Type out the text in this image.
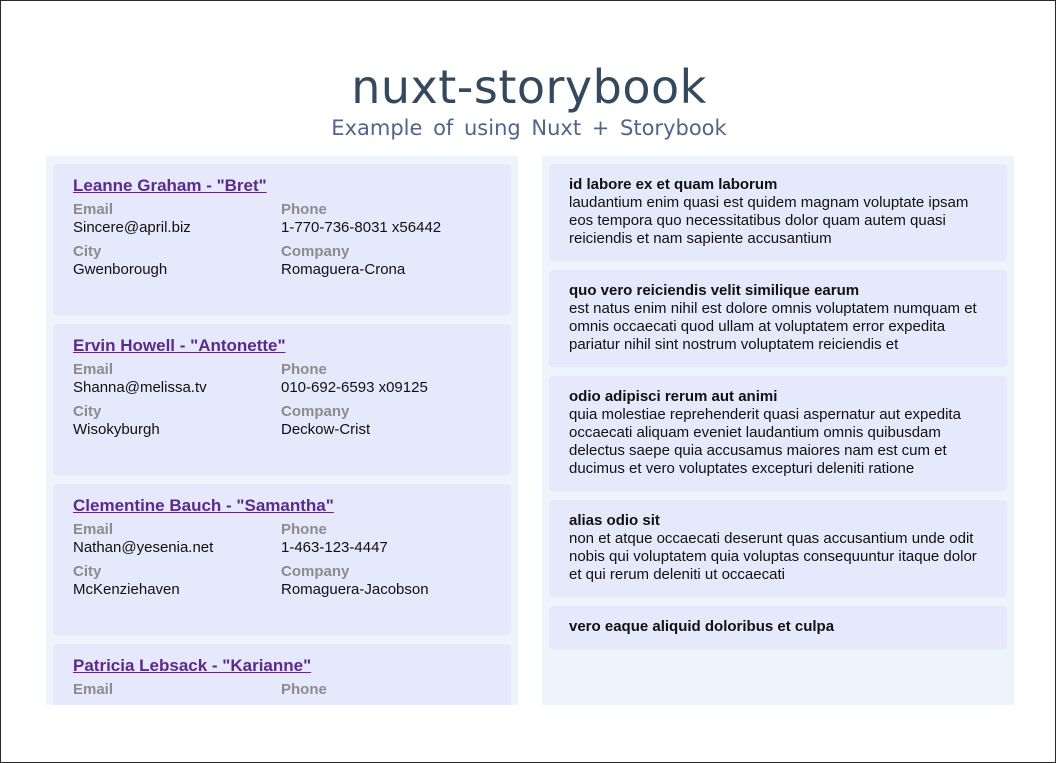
nuxt-storybook
Example of using Nuxt + Storybook
Leanne Graham - "Bret"
Email
Sincere@april.biz
Phone
1-770-736-8031 x56442
City
Gwenborough
Company
Romaguera-Crona
Ervin Howell - "Antonette"
Email
Shanna@melissa.tv
Phone
010-692-6593 x09125
City
Wisokyburgh
Company
Deckow-Crist
Clementine Bauch - "Samantha"
Email
Nathan@yesenia.net
Phone
1-463-123-4447
City
McKenziehaven
Company
Romaguera-Jacobson
Patricia Lebsack - "Karianne"
Email	Phone
id labore ex et quam laborum
laudantium enim quasi est quidem magnam voluptate ipsam eos tempora quo necessitatibus dolor quam autem quasi reiciendis et nam sapiente accusantium
quo vero reiciendis velit similique earum
est natus enim nihil est dolore omnis voluptatem numquam et omnis occaecati quod ullam at voluptatem error expedita pariatur nihil sint nostrum voluptatem reiciendis et
odio adipisci rerum aut animi
quia molestiae reprehenderit quasi aspernatur aut expedita occaecati aliquam eveniet laudantium omnis quibusdam delectus saepe quia accusamus maiores nam est cum et ducimus et vero voluptates excepturi deleniti ratione
alias odio sit
non et atque occaecati deserunt quas accusantium unde odit nobis qui voluptatem quia voluptas consequuntur itaque dolor et qui rerum deleniti ut occaecati
vero eaque aliquid doloribus et culpa
